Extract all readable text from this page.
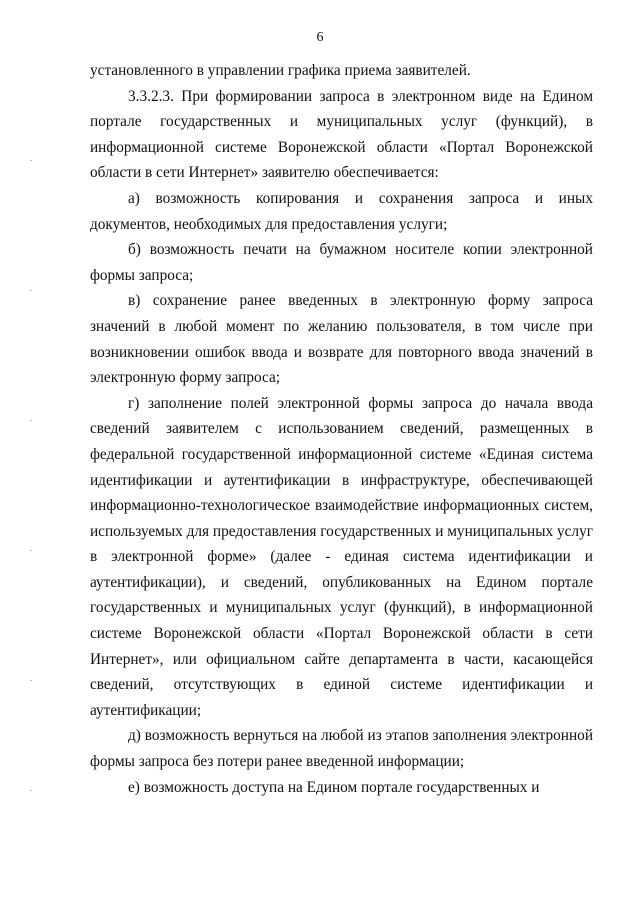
6

установленного в управлении графика приема заявителей.

3.3.2.3. При формировании запроса в электронном виде на Едином портале государственных и муниципальных услуг (функций), в информационной системе Воронежской области «Портал Воронежской области в сети Интернет» заявителю обеспечивается:

а) возможность копирования и сохранения запроса и иных документов, необходимых для предоставления услуги;

б) возможность печати на бумажном носителе копии электронной формы запроса;

в) сохранение ранее введенных в электронную форму запроса значений в любой момент по желанию пользователя, в том числе при возникновении ошибок ввода и возврате для повторного ввода значений в электронную форму запроса;

г) заполнение полей электронной формы запроса до начала ввода сведений заявителем с использованием сведений, размещенных в федеральной государственной информационной системе «Единая система идентификации и аутентификации в инфраструктуре, обеспечивающей информационно-технологическое взаимодействие информационных систем, используемых для предоставления государственных и муниципальных услуг в электронной форме» (далее - единая система идентификации и аутентификации), и сведений, опубликованных на Едином портале государственных и муниципальных услуг (функций), в информационной системе Воронежской области «Портал Воронежской области в сети Интернет», или официальном сайте департамента в части, касающейся сведений, отсутствующих в единой системе идентификации и аутентификации;

д) возможность вернуться на любой из этапов заполнения электронной формы запроса без потери ранее введенной информации;

е) возможность доступа на Едином портале государственных и
